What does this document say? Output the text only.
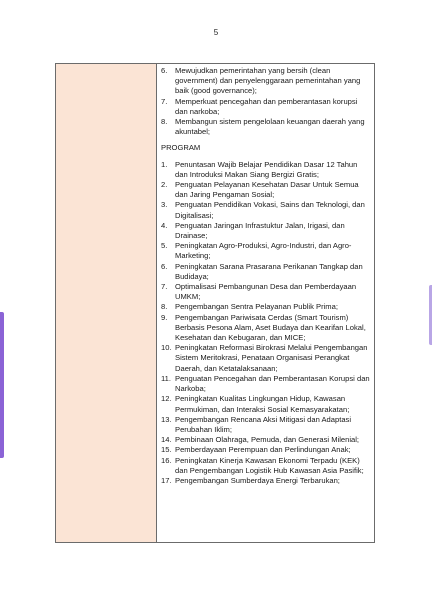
5
6.	Mewujudkan pemerintahan yang bersih (clean government) dan penyelenggaraan pemerintahan yang baik (good governance);
7.	Memperkuat pencegahan dan pemberantasan korupsi dan narkoba;
8.	Membangun sistem pengelolaan keuangan daerah yang akuntabel;
PROGRAM
1.	Penuntasan Wajib Belajar Pendidikan Dasar 12 Tahun dan Introduksi Makan Siang Bergizi Gratis;
2.	Penguatan Pelayanan Kesehatan Dasar Untuk Semua dan Jaring Pengaman Sosial;
3.	Penguatan Pendidikan Vokasi, Sains dan Teknologi, dan Digitalisasi;
4.	Penguatan Jaringan Infrastuktur Jalan, Irigasi, dan Drainase;
5.	Peningkatan Agro-Produksi, Agro-Industri, dan Agro-Marketing;
6.	Peningkatan Sarana Prasarana Perikanan Tangkap dan Budidaya;
7.	Optimalisasi Pembangunan Desa dan Pemberdayaan UMKM;
8.	Pengembangan Sentra Pelayanan Publik Prima;
9.	Pengembangan Pariwisata Cerdas (Smart Tourism) Berbasis Pesona Alam, Aset Budaya dan Kearifan Lokal, Kesehatan dan Kebugaran, dan MICE;
10. Peningkatan Reformasi Birokrasi Melalui Pengembangan Sistem Meritokrasi, Penataan Organisasi Perangkat Daerah, dan Ketatalaksanaan;
11. Penguatan Pencegahan dan Pemberantasan Korupsi dan Narkoba;
12. Peningkatan Kualitas Lingkungan Hidup, Kawasan Permukiman, dan Interaksi Sosial Kemasyarakatan;
13. Pengembangan Rencana Aksi Mitigasi dan Adaptasi Perubahan Iklim;
14. Pembinaan Olahraga, Pemuda, dan Generasi Milenial;
15. Pemberdayaan Perempuan dan Perlindungan Anak;
16. Peningkatan Kinerja Kawasan Ekonomi Terpadu (KEK) dan Pengembangan Logistik Hub Kawasan Asia Pasifik;
17. Pengembangan Sumberdaya Energi Terbarukan;
